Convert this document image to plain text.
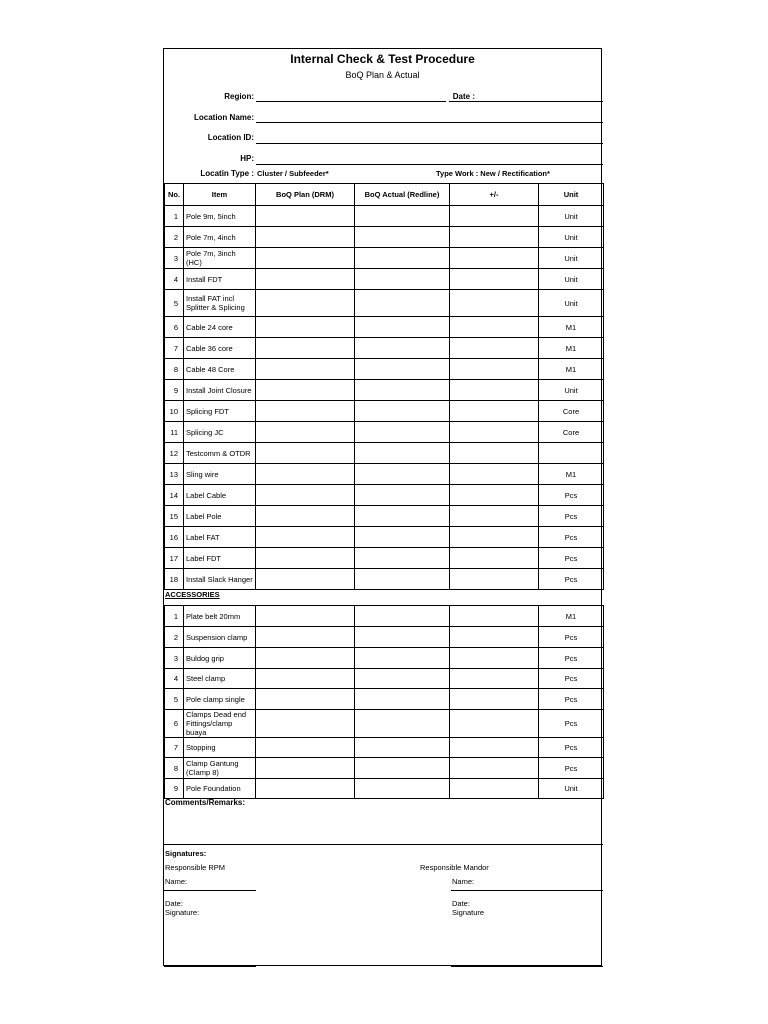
Internal Check & Test Procedure
BoQ Plan & Actual
Region:	Date :
Location Name:
Location ID:
HP:
Locatin Type : Cluster / Subfeeder*	Type Work : New / Rectification*
No.	Item	BoQ Plan (DRM)	BoQ Actual (Redline)	+/-	Unit
1	Pole 9m, 5inch				Unit
2	Pole 7m, 4inch				Unit
3	Pole 7m, 3inch (HC)				Unit
4	Install FDT				Unit
5	Install FAT incl Splitter & Splicing				Unit
6	Cable 24 core				M1
7	Cable 36 core				M1
8	Cable 48 Core				M1
9	Install Joint Closure				Unit
10	Splicing FDT				Core
11	Splicing JC				Core
12	Testcomm & OTDR				
13	Sling wire				M1
14	Label Cable				Pcs
15	Label Pole				Pcs
16	Label FAT				Pcs
17	Label FDT				Pcs
18	Install Slack Hanger				Pcs
ACCESSORIES
1	Plate belt 20mm				M1
2	Suspension clamp				Pcs
3	Buldog grip				Pcs
4	Steel clamp				Pcs
5	Pole clamp single				Pcs
6	Clamps Dead end Fittings/clamp buaya				Pcs
7	Stopping				Pcs
8	Clamp Gantung (Clamp 8)				Pcs
9	Pole Foundation				Unit
Comments/Remarks:
Signatures:
Responsible RPM	Responsible Mandor
Name:	Name:
Date:	Date:
Signature:	Signature
